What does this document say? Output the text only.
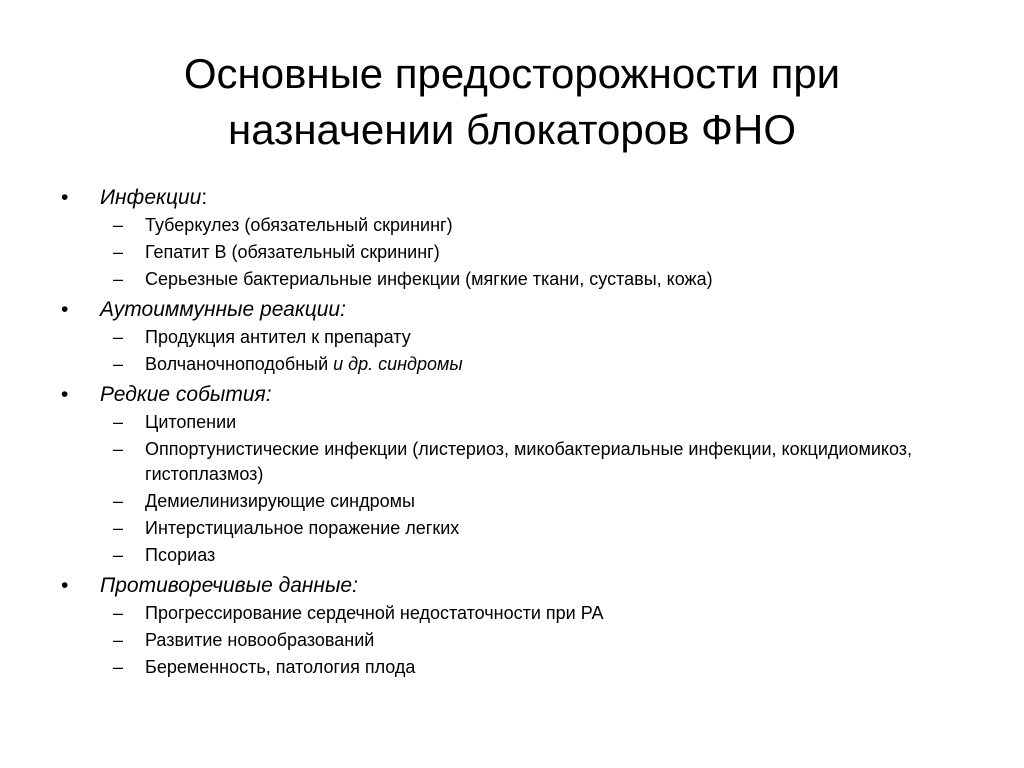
Основные предосторожности при
назначении блокаторов ФНО
• Инфекции:
– Туберкулез (обязательный скрининг)
– Гепатит В (обязательный скрининг)
– Серьезные бактериальные инфекции (мягкие ткани, суставы, кожа)
• Аутоиммунные реакции:
– Продукция антител к препарату
– Волчаночноподобный и др. синдромы
• Редкие события:
– Цитопении
– Оппортунистические инфекции (листериоз, микобактериальные инфекции, кокцидиомикоз, гистоплазмоз)
– Демиелинизирующие синдромы
– Интерстициальное поражение легких
– Псориаз
• Противоречивые данные:
– Прогрессирование сердечной недостаточности при РА
– Развитие новообразований
– Беременность, патология плода
